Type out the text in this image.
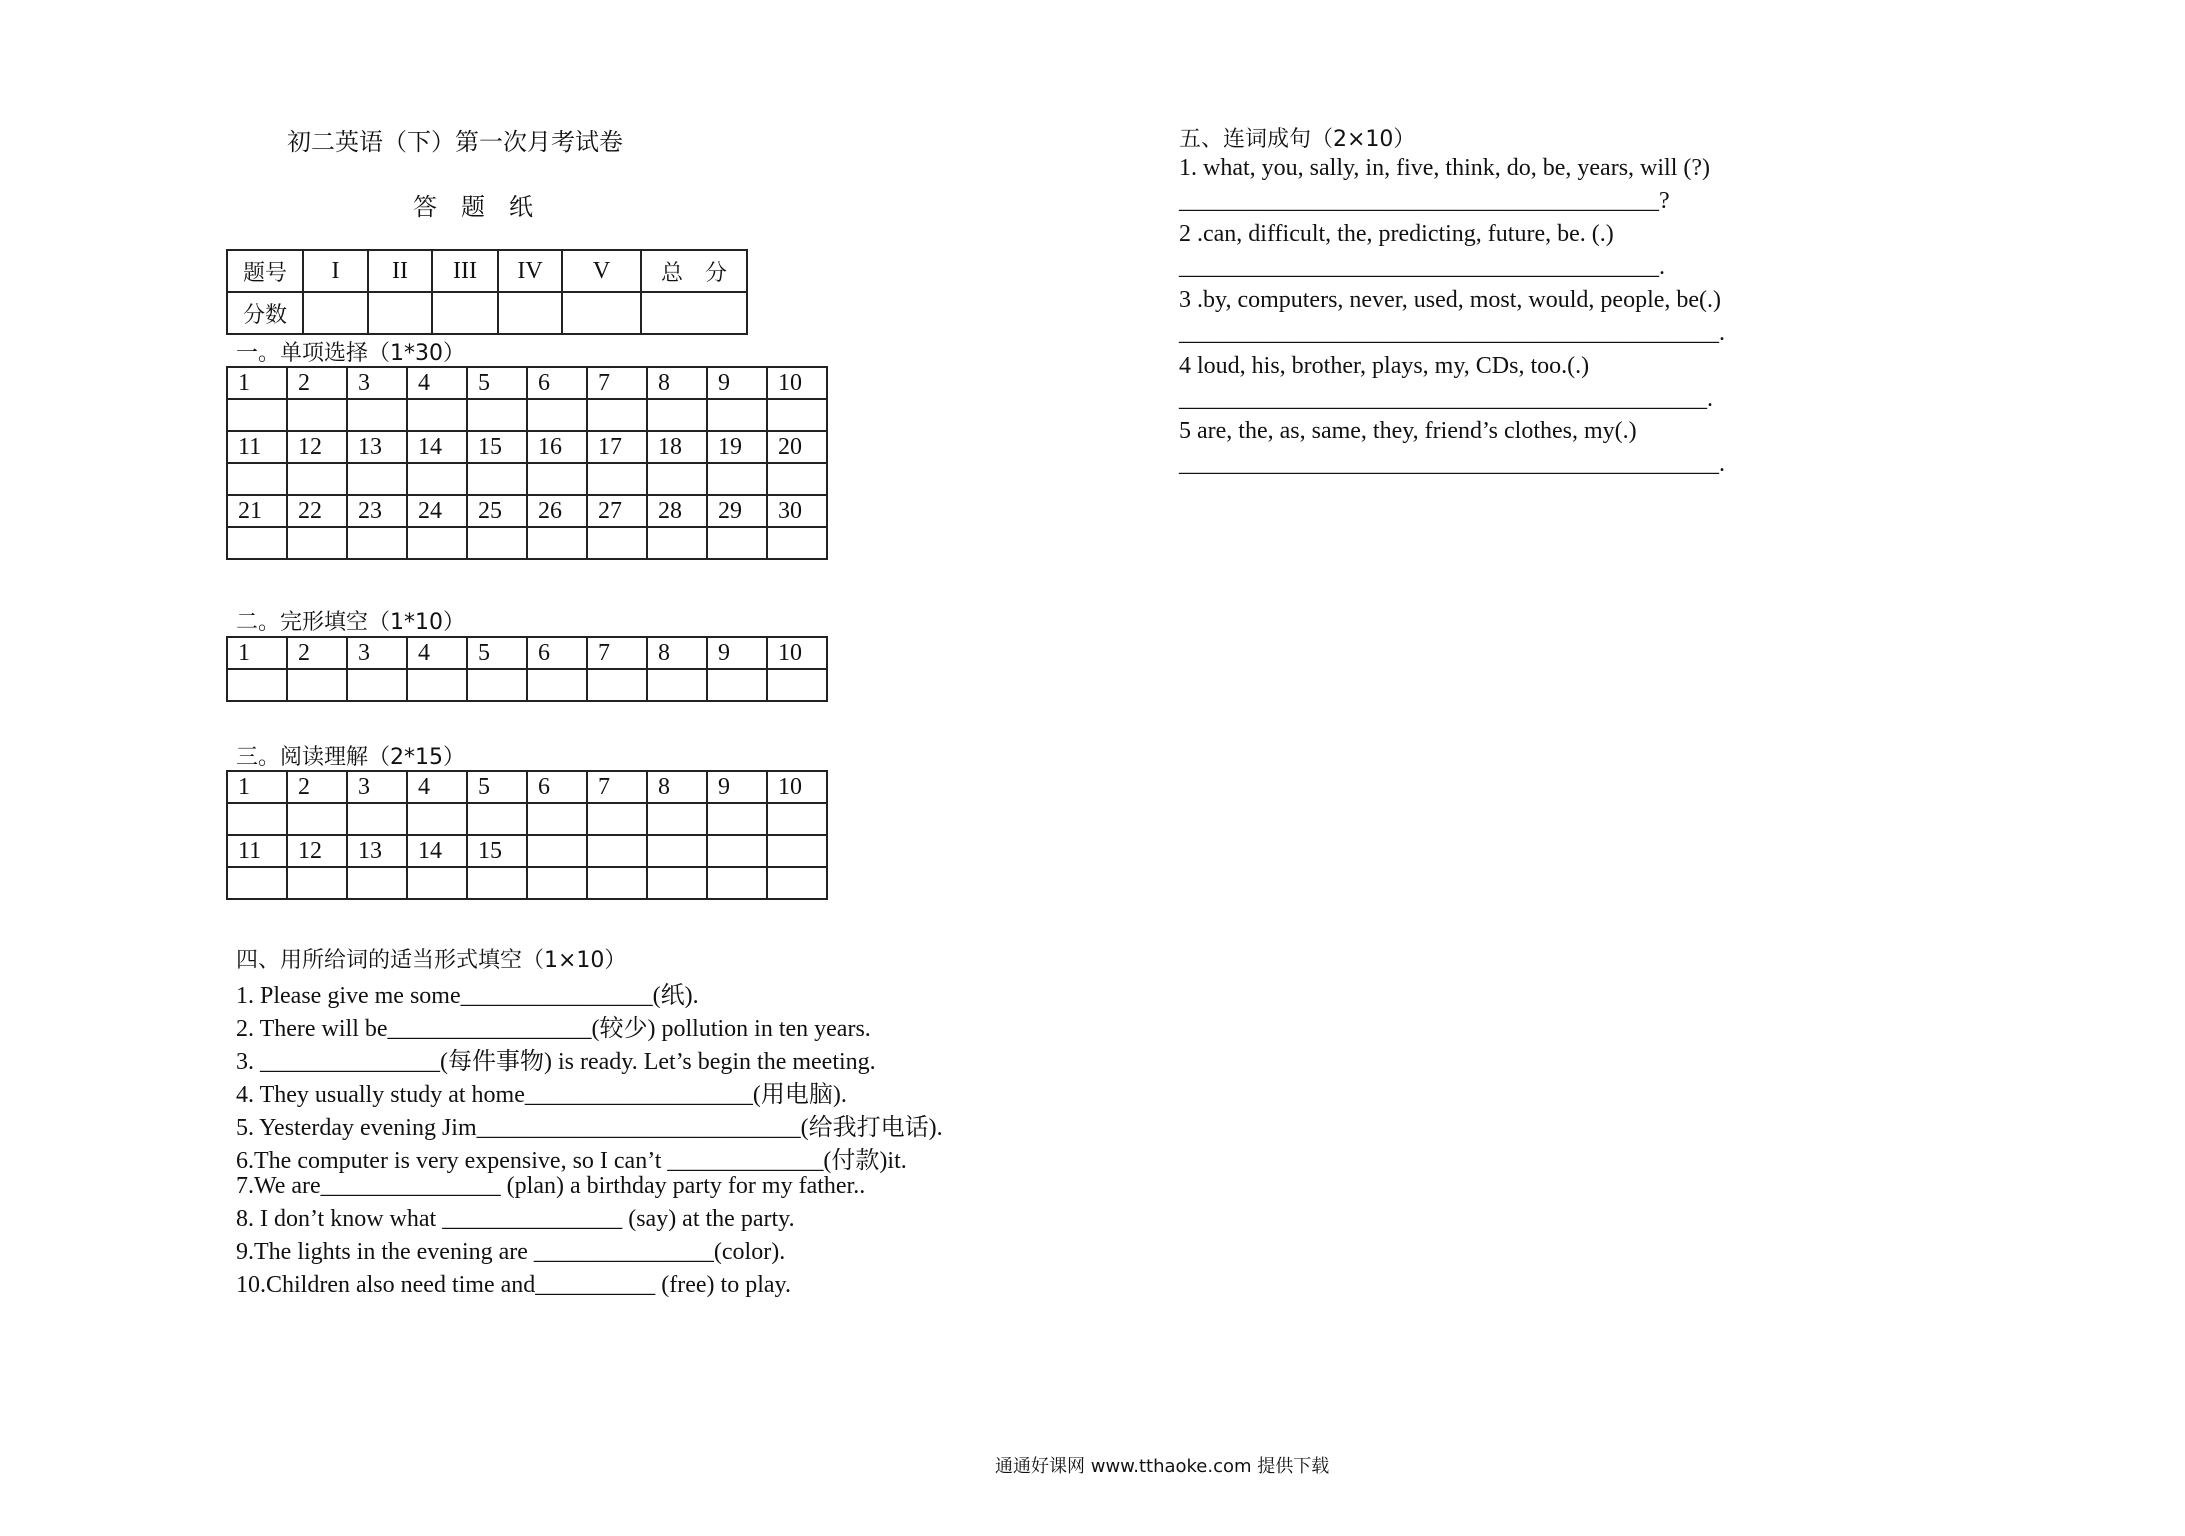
初二英语（下）第一次月考试卷
答　题　纸
题号	I	II	III	IV	V	总　分
分数						
一。单项选择（1*30）
1	2	3	4	5	6	7	8	9	10

11	12	13	14	15	16	17	18	19	20

21	22	23	24	25	26	27	28	29	30

二。完形填空（1*10）
1	2	3	4	5	6	7	8	9	10

三。阅读理解（2*15）
1	2	3	4	5	6	7	8	9	10

11	12	13	14	15					

四、用所给词的适当形式填空（1×10）
1. Please give me some________________(纸).
2. There will be_________________(较少) pollution in ten years.
3. _______________(每件事物) is ready. Let’s begin the meeting.
4. They usually study at home___________________(用电脑).
5. Yesterday evening Jim___________________________(给我打电话).
6.The computer is very expensive, so I can’t _____________(付款)it.
7.We are_______________ (plan) a birthday party for my father..
8. I don’t know what _______________ (say) at the party.
9.The lights in the evening are _______________(color).
10.Children also need time and__________ (free) to play.
五、连词成句（2×10）
1. what, you, sally, in, five, think, do, be, years, will (?)
________________________________________?
2 .can, difficult, the, predicting, future, be. (.)
________________________________________.
3 .by, computers, never, used, most, would, people, be(.)
_____________________________________________.
4 loud, his, brother, plays, my, CDs, too.(.)
____________________________________________.
5 are, the, as, same, they, friend’s clothes, my(.)
_____________________________________________.
通通好课网 www.tthaoke.com 提供下载
